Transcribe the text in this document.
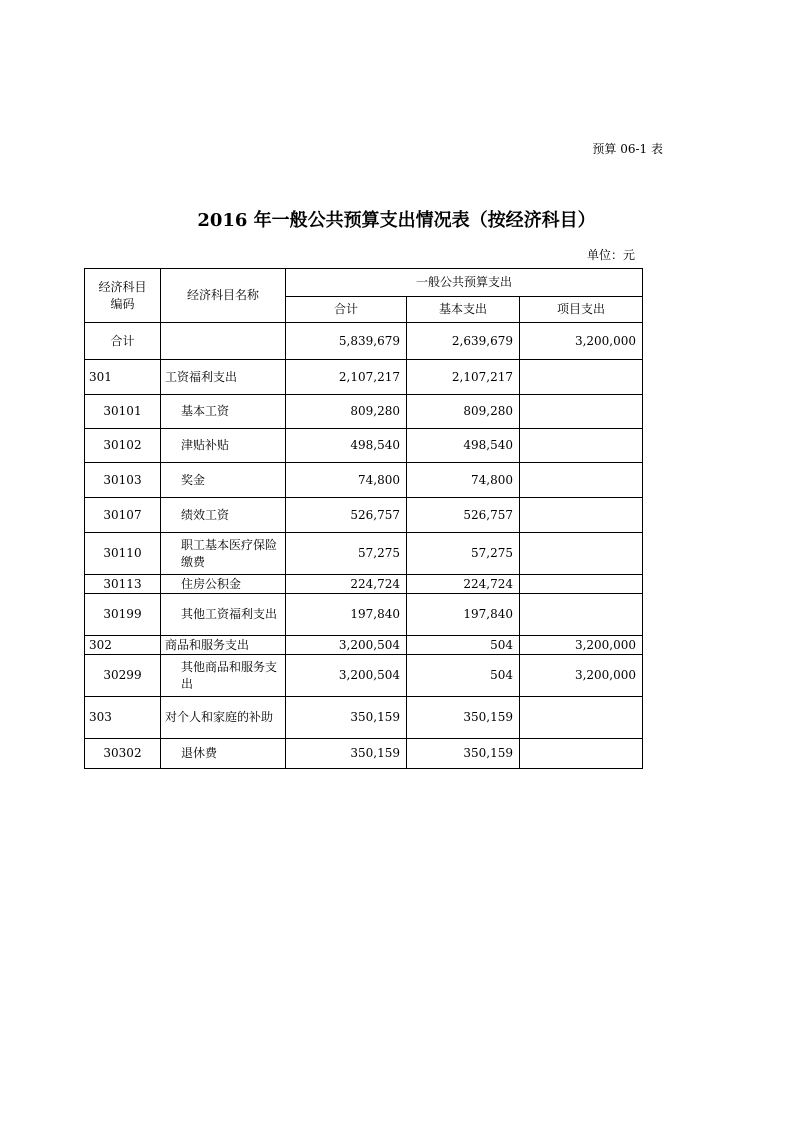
预算 06-1 表
2016 年一般公共预算支出情况表（按经济科目）
单位：元
经济科目编码	经济科目名称	一般公共预算支出		
		合计	基本支出	项目支出
合计		5,839,679	2,639,679	3,200,000
301	工资福利支出	2,107,217	2,107,217	
30101	基本工资	809,280	809,280	
30102	津贴补贴	498,540	498,540	
30103	奖金	74,800	74,800	
30107	绩效工资	526,757	526,757	
30110	职工基本医疗保险缴费	57,275	57,275	
30113	住房公积金	224,724	224,724	
30199	其他工资福利支出	197,840	197,840	
302	商品和服务支出	3,200,504	504	3,200,000
30299	其他商品和服务支出	3,200,504	504	3,200,000
303	对个人和家庭的补助	350,159	350,159	
30302	退休费	350,159	350,159	
